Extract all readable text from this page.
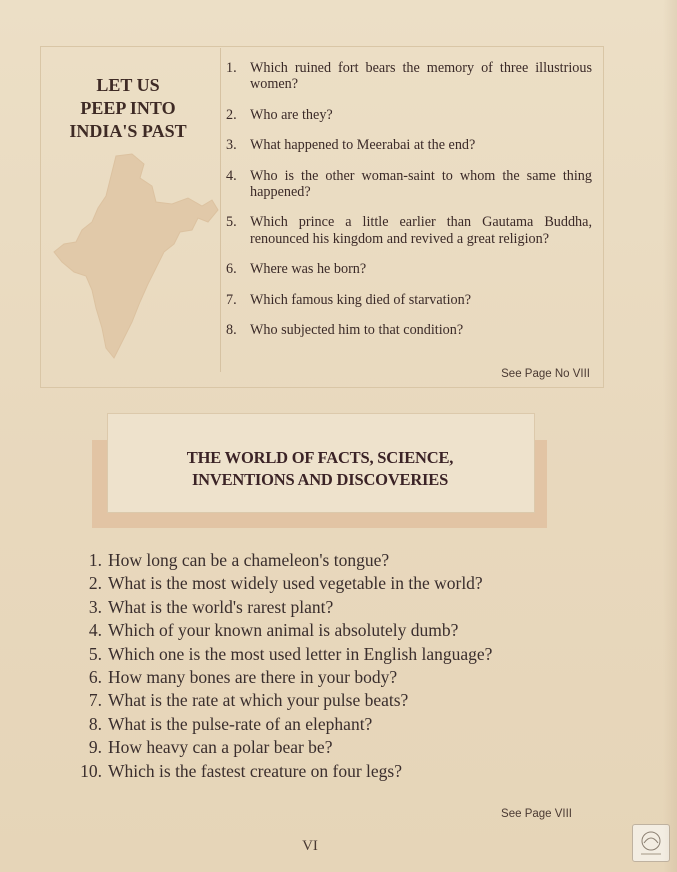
LET US
PEEP INTO
INDIA'S PAST
1. Which ruined fort bears the memory of three illustrious women?
2. Who are they?
3. What happened to Meerabai at the end?
4. Who is the other woman-saint to whom the same thing happened?
5. Which prince a little earlier than Gautama Buddha, renounced his kingdom and revived a great religion?
6. Where was he born?
7. Which famous king died of starvation?
8. Who subjected him to that condition?
See Page No VIII
THE WORLD OF FACTS, SCIENCE,
INVENTIONS AND DISCOVERIES
1. How long can be a chameleon's tongue?
2. What is the most widely used vegetable in the world?
3. What is the world's rarest plant?
4. Which of your known animal is absolutely dumb?
5. Which one is the most used letter in English language?
6. How many bones are there in your body?
7. What is the rate at which your pulse beats?
8. What is the pulse-rate of an elephant?
9. How heavy can a polar bear be?
10. Which is the fastest creature on four legs?
See Page VIII
VI
